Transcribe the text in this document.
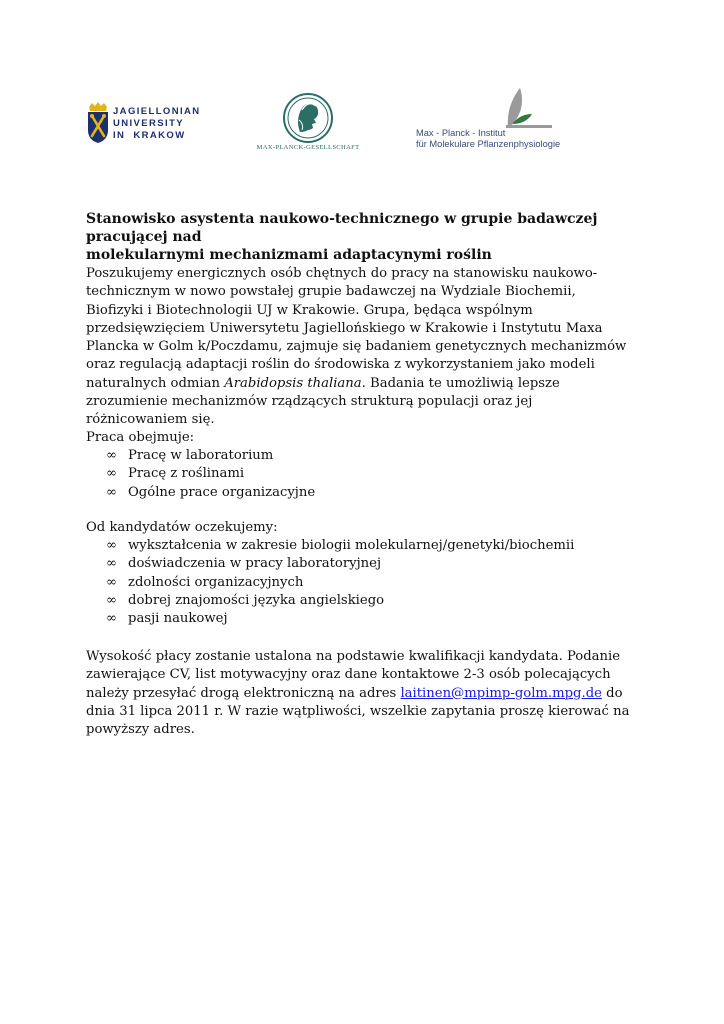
JAGIELLONIAN
UNIVERSITY
IN  KRAKOW
MAX-PLANCK-GESELLSCHAFT
Max - Planck - Institut
für Molekulare Pflanzenphysiologie
Stanowisko asystenta naukowo-technicznego w grupie badawczej pracującej nad
molekularnymi mechanizmami adaptacynymi roślin

Poszukujemy energicznych osób chętnych do pracy na stanowisku naukowo-technicznym w nowo powstałej grupie badawczej na Wydziale Biochemii, Biofizyki i Biotechnologii UJ w Krakowie. Grupa, będąca wspólnym przedsięwzięciem Uniwersytetu Jagiellońskiego w Krakowie i Instytutu Maxa Plancka w Golm k/Poczdamu, zajmuje się badaniem genetycznych mechanizmów oraz regulacją adaptacji roślin do środowiska z wykorzystaniem jako modeli naturalnych odmian Arabidopsis thaliana. Badania te umożliwią lepsze zrozumienie mechanizmów rządzących strukturą populacji oraz jej różnicowaniem się.

Praca obejmuje:

∞ Pracę w laboratorium
∞ Pracę z roślinami
∞ Ogólne prace organizacyjne

Od kandydatów oczekujemy:

∞ wykształcenia w zakresie biologii molekularnej/genetyki/biochemii
∞ doświadczenia w pracy laboratoryjnej
∞ zdolności organizacyjnych
∞ dobrej znajomości języka angielskiego
∞ pasji naukowej

Wysokość płacy zostanie ustalona na podstawie kwalifikacji kandydata. Podanie zawierające CV, list motywacyjny oraz dane kontaktowe 2-3 osób polecających należy przesyłać drogą elektroniczną na adres laitinen@mpimp-golm.mpg.de do dnia 31 lipca 2011 r. W razie wątpliwości, wszelkie zapytania proszę kierować na powyższy adres.
